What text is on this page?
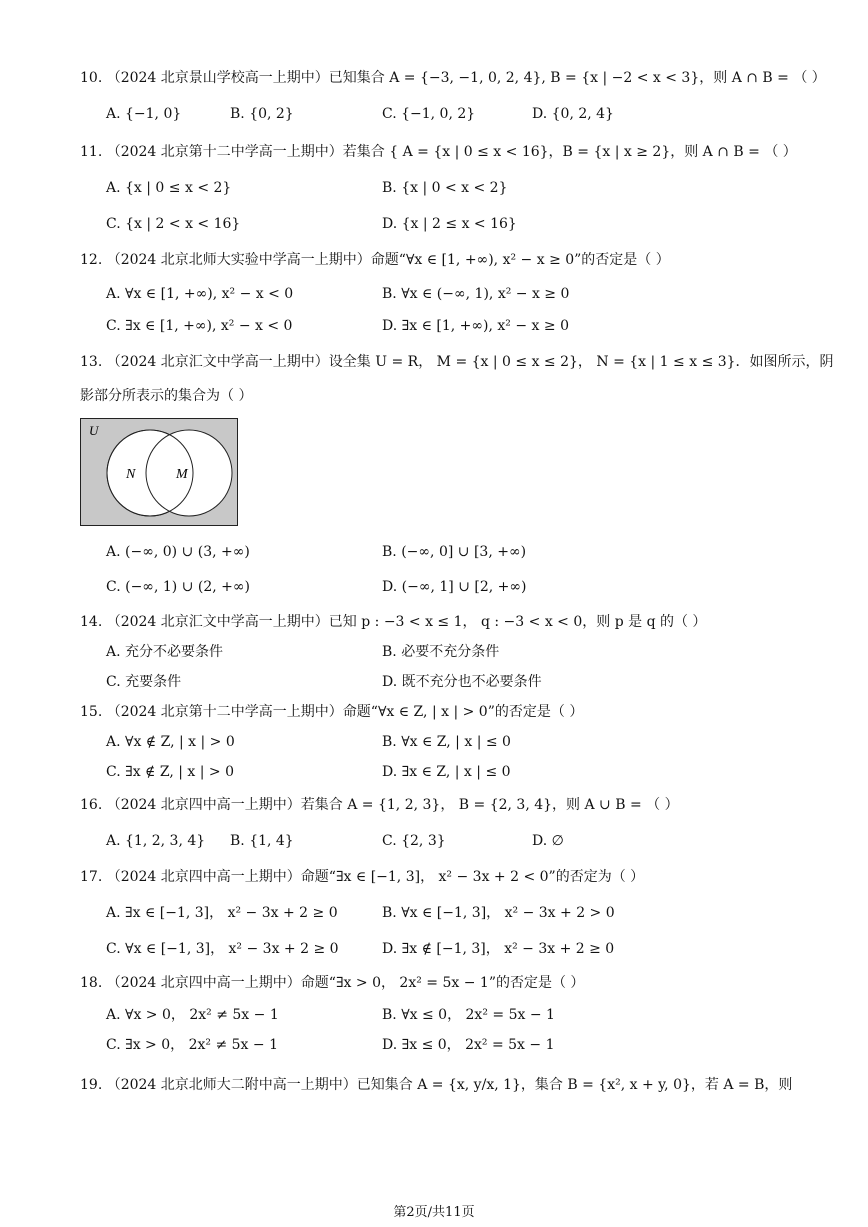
10. （2024 北京景山学校高一上期中）已知集合 A = {−3, −1, 0, 2, 4}, B = {x | −2 < x < 3}，则 A ∩ B = （ ）
A. {−1, 0}	B. {0, 2}	C. {−1, 0, 2}	D. {0, 2, 4}
11. （2024 北京第十二中学高一上期中）若集合 { A = {x | 0 ≤ x < 16}，B = {x | x ≥ 2}，则 A ∩ B = （ ）
A. {x | 0 ≤ x < 2}	B. {x | 0 < x < 2}
C. {x | 2 < x < 16}	D. {x | 2 ≤ x < 16}
12. （2024 北京北师大实验中学高一上期中）命题“∀x ∈ [1, +∞), x² − x ≥ 0”的否定是（ ）
A. ∀x ∈ [1, +∞), x² − x < 0	B. ∀x ∈ (−∞, 1), x² − x ≥ 0
C. ∃x ∈ [1, +∞), x² − x < 0	D. ∃x ∈ [1, +∞), x² − x ≥ 0
13. （2024 北京汇文中学高一上期中）设全集 U = R， M = {x | 0 ≤ x ≤ 2}， N = {x | 1 ≤ x ≤ 3}．如图所示，阴
影部分所表示的集合为（ ）
U
N	M
A. (−∞, 0) ∪ (3, +∞)	B. (−∞, 0] ∪ [3, +∞)
C. (−∞, 1) ∪ (2, +∞)	D. (−∞, 1] ∪ [2, +∞)
14. （2024 北京汇文中学高一上期中）已知 p : −3 < x ≤ 1， q : −3 < x < 0，则 p 是 q 的（ ）
A. 充分不必要条件	B. 必要不充分条件
C. 充要条件	D. 既不充分也不必要条件
15. （2024 北京第十二中学高一上期中）命题“∀x ∈ Z, | x | > 0”的否定是（ ）
A. ∀x ∉ Z, | x | > 0	B. ∀x ∈ Z, | x | ≤ 0
C. ∃x ∉ Z, | x | > 0	D. ∃x ∈ Z, | x | ≤ 0
16. （2024 北京四中高一上期中）若集合 A = {1, 2, 3}， B = {2, 3, 4}，则 A ∪ B = （ ）
A. {1, 2, 3, 4} B. {1, 4}	C. {2, 3}	D. ∅
17. （2024 北京四中高一上期中）命题“∃x ∈ [−1, 3]， x² − 3x + 2 < 0”的否定为（ ）
A. ∃x ∈ [−1, 3]， x² − 3x + 2 ≥ 0	B. ∀x ∈ [−1, 3]， x² − 3x + 2 > 0
C. ∀x ∈ [−1, 3]， x² − 3x + 2 ≥ 0	D. ∃x ∉ [−1, 3]， x² − 3x + 2 ≥ 0
18. （2024 北京四中高一上期中）命题“∃x > 0， 2x² = 5x − 1”的否定是（ ）
A. ∀x > 0， 2x² ≠ 5x − 1	B. ∀x ≤ 0， 2x² = 5x − 1
C. ∃x > 0， 2x² ≠ 5x − 1	D. ∃x ≤ 0， 2x² = 5x − 1
19. （2024 北京北师大二附中高一上期中）已知集合 A = {x, y/x, 1}，集合 B = {x², x + y, 0}，若 A = B，则
第2页/共11页
